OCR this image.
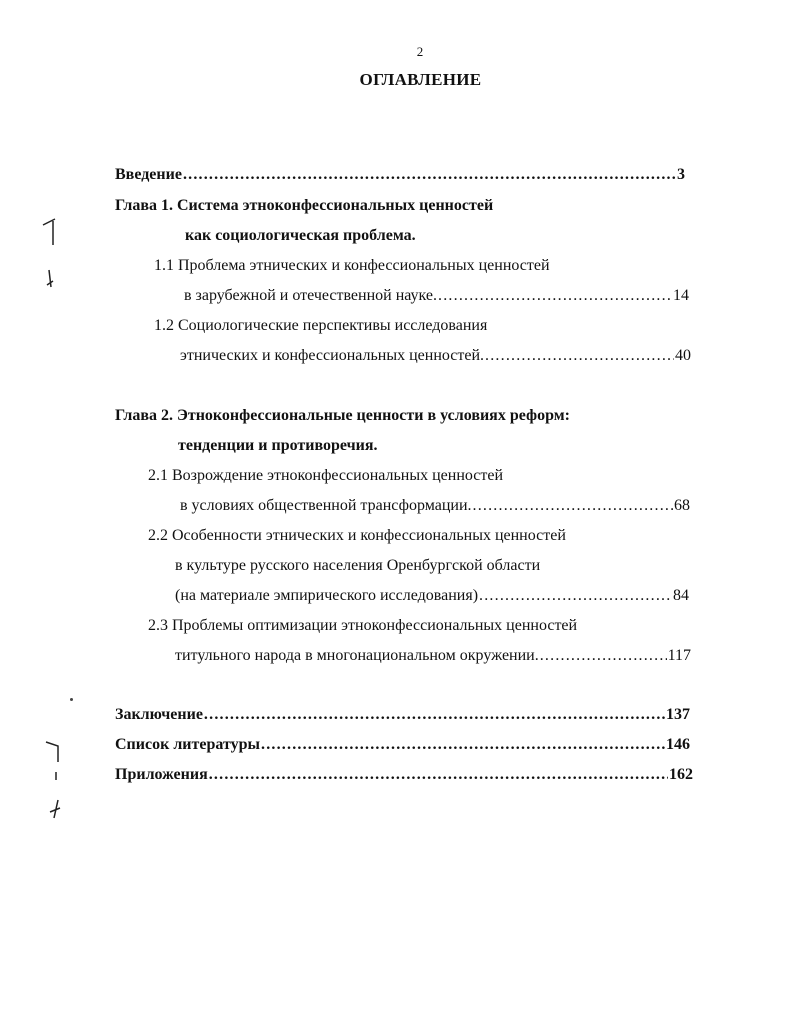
2
ОГЛАВЛЕНИЕ
Введение .....	3
Глава 1. Система этноконфессиональных ценностей
как социологическая проблема.
1.1 Проблема этнических и конфессиональных ценностей
в зарубежной и отечественной науке. .....	14
1.2 Социологические перспективы исследования
этнических и конфессиональных ценностей. .....	40
Глава 2. Этноконфессиональные ценности в условиях реформ:
тенденции и противоречия.
2.1 Возрождение этноконфессиональных ценностей
в условиях общественной трансформации. .....	68
2.2 Особенности этнических и конфессиональных ценностей
в культуре русского населения Оренбургской области
(на материале эмпирического исследования) .....	84
2.3 Проблемы оптимизации этноконфессиональных ценностей
титульного народа в многонациональном окружении. .....	117
Заключение .....	137
Список литературы .....	146
Приложения .....	162
